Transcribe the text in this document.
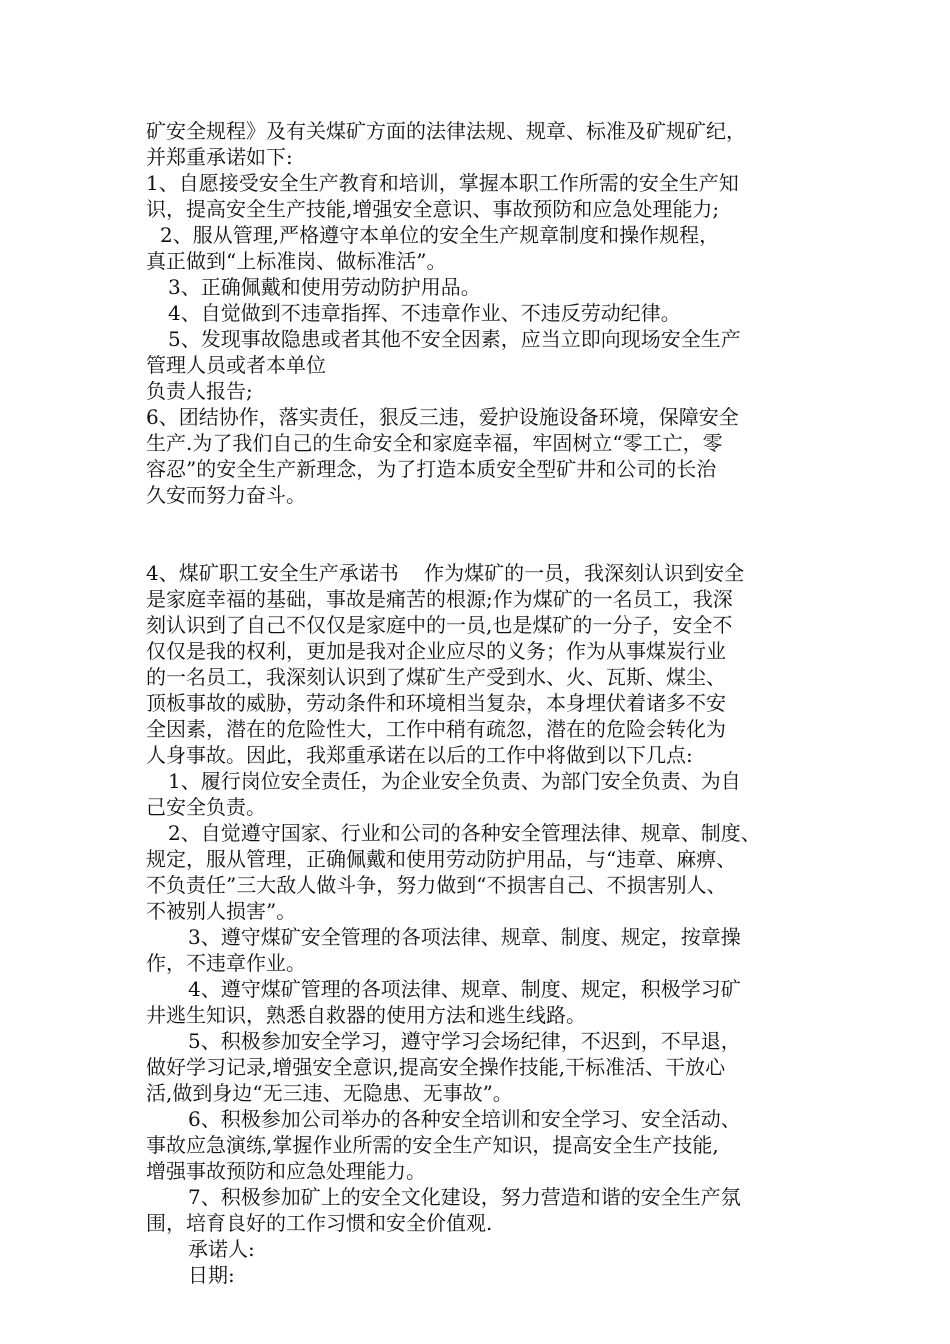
矿安全规程》及有关煤矿方面的法律法规、规章、标准及矿规矿纪，
并郑重承诺如下:
1、自愿接受安全生产教育和培训，掌握本职工作所需的安全生产知
识，提高安全生产技能,增强安全意识、事故预防和应急处理能力;
2、服从管理,严格遵守本单位的安全生产规章制度和操作规程，
真正做到“上标准岗、做标准活”。
3、正确佩戴和使用劳动防护用品。
4、自觉做到不违章指挥、不违章作业、不违反劳动纪律。
5、发现事故隐患或者其他不安全因素，应当立即向现场安全生产
管理人员或者本单位
负责人报告;
6、团结协作，落实责任，狠反三违，爱护设施设备环境，保障安全
生产.为了我们自己的生命安全和家庭幸福，牢固树立“零工亡，零
容忍”的安全生产新理念，为了打造本质安全型矿井和公司的长治
久安而努力奋斗。
4、煤矿职工安全生产承诺书    作为煤矿的一员，我深刻认识到安全
是家庭幸福的基础，事故是痛苦的根源;作为煤矿的一名员工，我深
刻认识到了自己不仅仅是家庭中的一员,也是煤矿的一分子，安全不
仅仅是我的权利，更加是我对企业应尽的义务；作为从事煤炭行业
的一名员工，我深刻认识到了煤矿生产受到水、火、瓦斯、煤尘、
顶板事故的威胁，劳动条件和环境相当复杂，本身埋伏着诸多不安
全因素，潜在的危险性大，工作中稍有疏忽，潜在的危险会转化为
人身事故。因此，我郑重承诺在以后的工作中将做到以下几点:
1、履行岗位安全责任，为企业安全负责、为部门安全负责、为自
己安全负责。
2、自觉遵守国家、行业和公司的各种安全管理法律、规章、制度、
规定，服从管理，正确佩戴和使用劳动防护用品，与“违章、麻痹、
不负责任”三大敌人做斗争，努力做到“不损害自己、不损害别人、
不被别人损害”。
3、遵守煤矿安全管理的各项法律、规章、制度、规定，按章操
作，不违章作业。
4、遵守煤矿管理的各项法律、规章、制度、规定，积极学习矿
井逃生知识，熟悉自救器的使用方法和逃生线路。
5、积极参加安全学习，遵守学习会场纪律，不迟到，不早退，
做好学习记录,增强安全意识,提高安全操作技能,干标准活、干放心
活,做到身边“无三违、无隐患、无事故”。
6、积极参加公司举办的各种安全培训和安全学习、安全活动、
事故应急演练,掌握作业所需的安全生产知识，提高安全生产技能,
增强事故预防和应急处理能力。
7、积极参加矿上的安全文化建设，努力营造和谐的安全生产氛
围，培育良好的工作习惯和安全价值观.
承诺人:
日期:
